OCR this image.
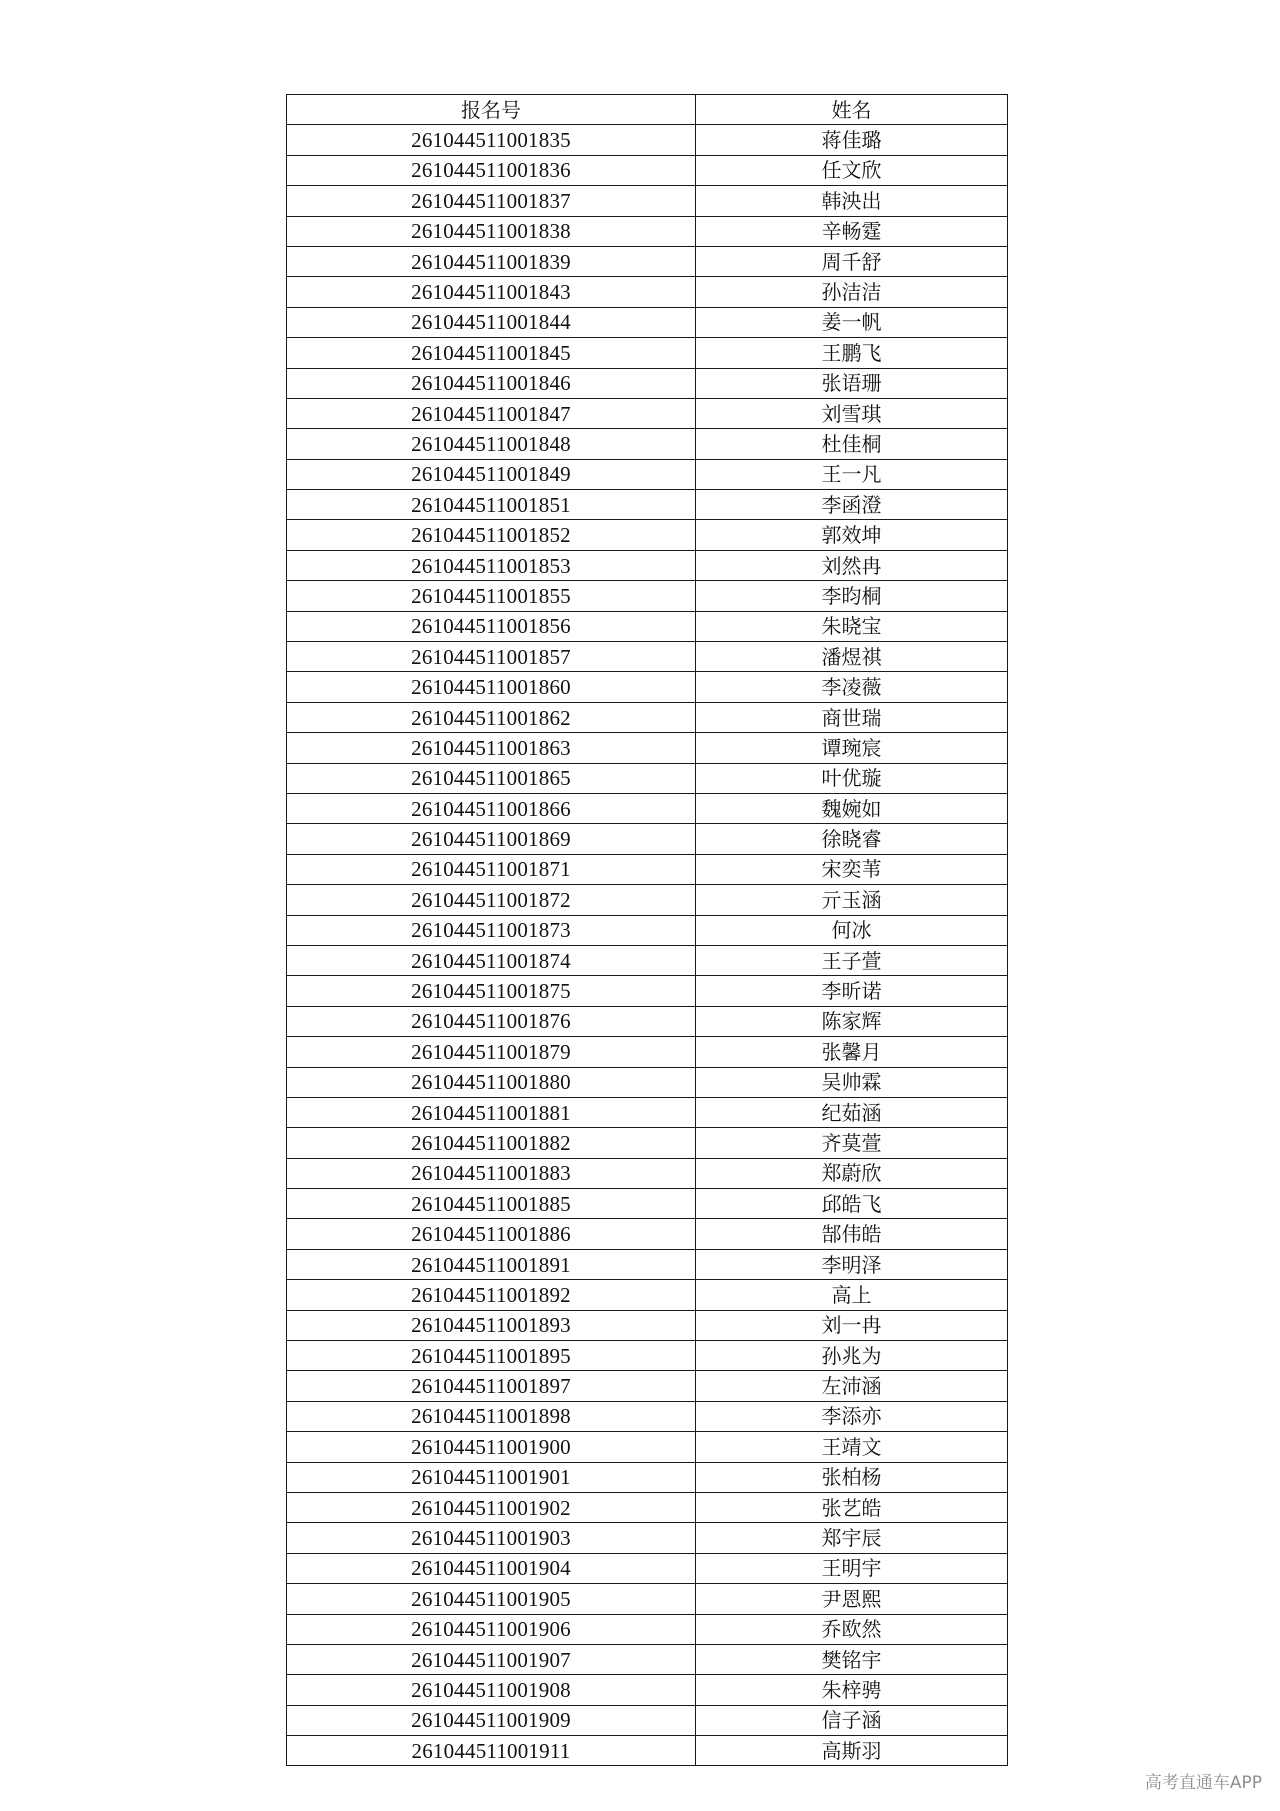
报名号	姓名
261044511001835	蒋佳璐
261044511001836	任文欣
261044511001837	韩泱出
261044511001838	辛畅霆
261044511001839	周千舒
261044511001843	孙洁洁
261044511001844	姜一帆
261044511001845	王鹏飞
261044511001846	张语珊
261044511001847	刘雪琪
261044511001848	杜佳桐
261044511001849	王一凡
261044511001851	李函澄
261044511001852	郭效坤
261044511001853	刘然冉
261044511001855	李昀桐
261044511001856	朱晓宝
261044511001857	潘煜祺
261044511001860	李凌薇
261044511001862	商世瑞
261044511001863	谭琬宸
261044511001865	叶优璇
261044511001866	魏婉如
261044511001869	徐晓睿
261044511001871	宋奕苇
261044511001872	亓玉涵
261044511001873	何冰
261044511001874	王子萱
261044511001875	李昕诺
261044511001876	陈家辉
261044511001879	张馨月
261044511001880	吴帅霖
261044511001881	纪茹涵
261044511001882	齐莫萱
261044511001883	郑蔚欣
261044511001885	邱皓飞
261044511001886	郜伟皓
261044511001891	李明泽
261044511001892	高上
261044511001893	刘一冉
261044511001895	孙兆为
261044511001897	左沛涵
261044511001898	李添亦
261044511001900	王靖文
261044511001901	张柏杨
261044511001902	张艺皓
261044511001903	郑宇辰
261044511001904	王明宇
261044511001905	尹恩熙
261044511001906	乔欧然
261044511001907	樊铭宇
261044511001908	朱梓骋
261044511001909	信子涵
261044511001911	高斯羽
高考直通车APP
